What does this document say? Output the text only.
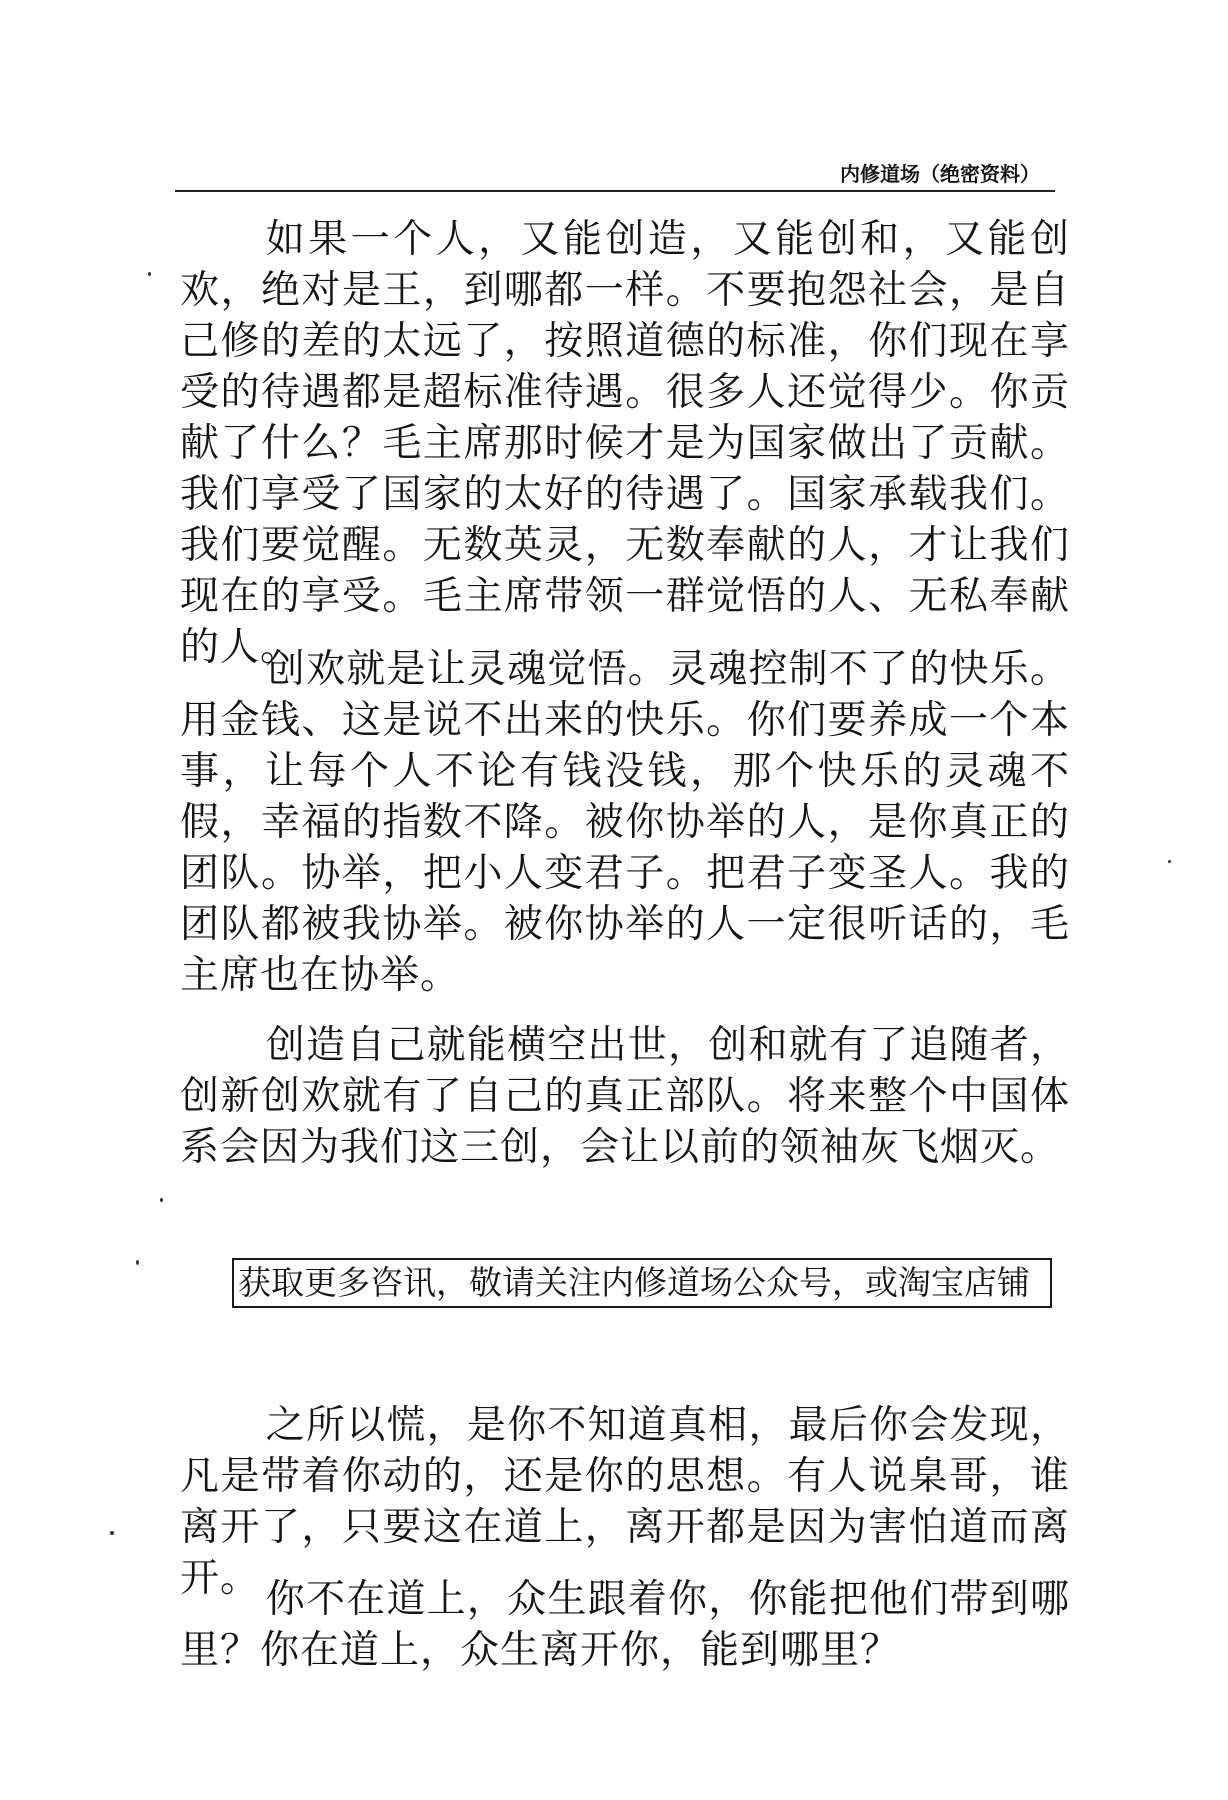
内修道场（绝密资料）

如果一个人，又能创造，又能创和，又能创欢，绝对是王，到哪都一样。不要抱怨社会，是自己修的差的太远了，按照道德的标准，你们现在享受的待遇都是超标准待遇。很多人还觉得少。你贡献了什么？毛主席那时候才是为国家做出了贡献。我们享受了国家的太好的待遇了。国家承载我们。我们要觉醒。无数英灵，无数奉献的人，才让我们现在的享受。毛主席带领一群觉悟的人、无私奉献的人。

创欢就是让灵魂觉悟。灵魂控制不了的快乐。用金钱、这是说不出来的快乐。你们要养成一个本事，让每个人不论有钱没钱，那个快乐的灵魂不假，幸福的指数不降。被你协举的人，是你真正的团队。协举，把小人变君子。把君子变圣人。我的团队都被我协举。被你协举的人一定很听话的，毛主席也在协举。

创造自己就能横空出世，创和就有了追随者，创新创欢就有了自己的真正部队。将来整个中国体系会因为我们这三创，会让以前的领袖灰飞烟灭。

获取更多咨讯，敬请关注内修道场公众号，或淘宝店铺

之所以慌，是你不知道真相，最后你会发现，凡是带着你动的，还是你的思想。有人说臬哥，谁离开了，只要这在道上，离开都是因为害怕道而离开。 你不在道上，众生跟着你，你能把他们带到哪里？你在道上，众生离开你，能到哪里？
